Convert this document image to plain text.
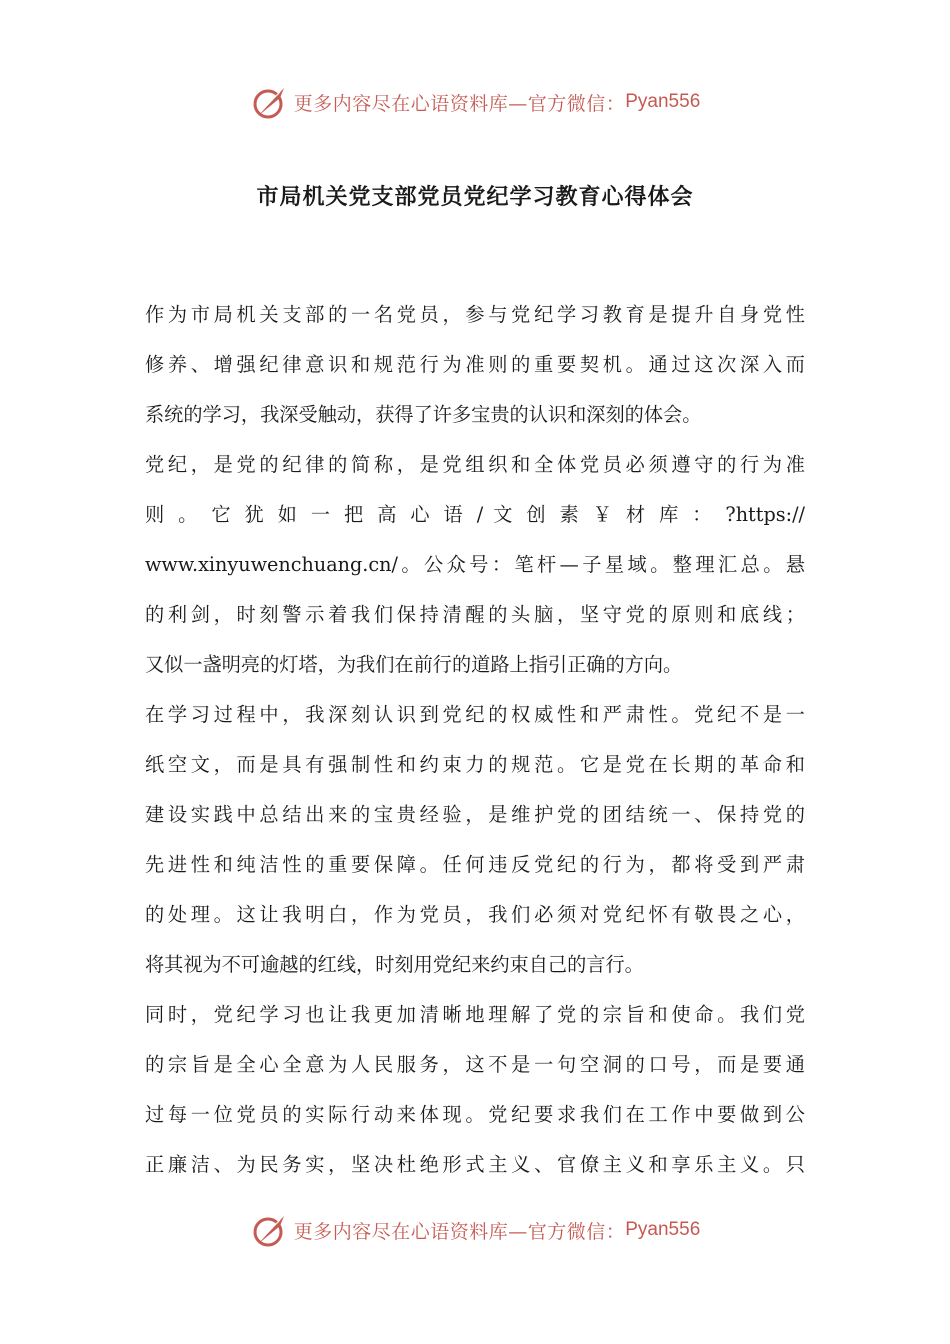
更多内容尽在心语资料库—官方微信： Pyan556
市局机关党支部党员党纪学习教育心得体会
作为市局机关支部的一名党员，参与党纪学习教育是提升自身党性
修养、增强纪律意识和规范行为准则的重要契机。通过这次深入而
系统的学习，我深受触动，获得了许多宝贵的认识和深刻的体会。
党纪，是党的纪律的简称，是党组织和全体党员必须遵守的行为准
则 。 它 犹 如 一 把 高 心 语 / 文 创 素 ￥ 材 库 ： ?https://
www.xinyuwenchuang.cn/。公众号：笔杆—子星域。整理汇总。悬
的利剑，时刻警示着我们保持清醒的头脑，坚守党的原则和底线；
又似一盏明亮的灯塔，为我们在前行的道路上指引正确的方向。
在学习过程中，我深刻认识到党纪的权威性和严肃性。党纪不是一
纸空文，而是具有强制性和约束力的规范。它是党在长期的革命和
建设实践中总结出来的宝贵经验，是维护党的团结统一、保持党的
先进性和纯洁性的重要保障。任何违反党纪的行为，都将受到严肃
的处理。这让我明白，作为党员，我们必须对党纪怀有敬畏之心，
将其视为不可逾越的红线，时刻用党纪来约束自己的言行。
同时，党纪学习也让我更加清晰地理解了党的宗旨和使命。我们党
的宗旨是全心全意为人民服务，这不是一句空洞的口号，而是要通
过每一位党员的实际行动来体现。党纪要求我们在工作中要做到公
正廉洁、为民务实，坚决杜绝形式主义、官僚主义和享乐主义。只
更多内容尽在心语资料库—官方微信： Pyan556
